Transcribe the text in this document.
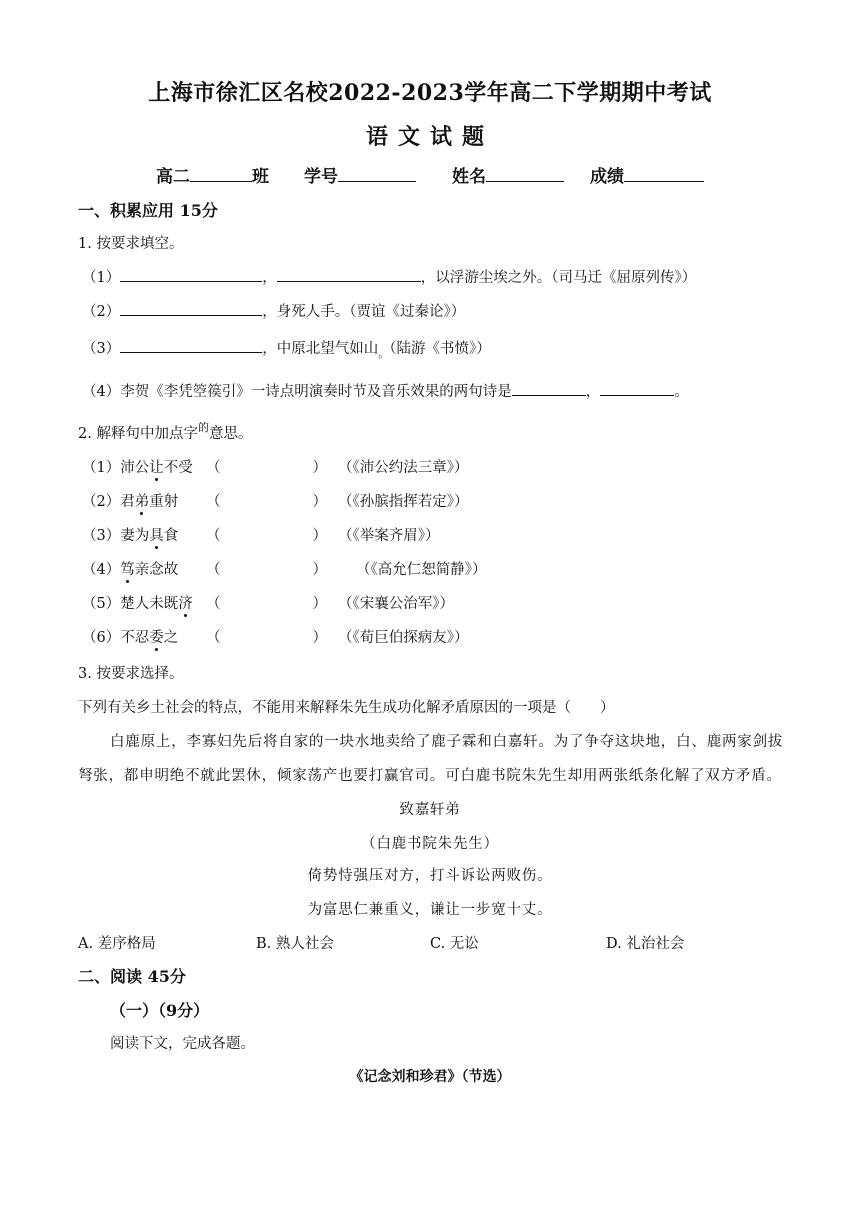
上海市徐汇区名校2022-2023学年高二下学期期中考试
语文试题
高二	班 学号	姓名	成绩
一、积累应用 15分
1. 按要求填空。
（1）	，	，以浮游尘埃之外。（司马迁《屈原列传》）
（2）	，身死人手。（贾谊《过秦论》）
（3）	，中原北望气如山$_。$（陆游《书愤》）
（4）李贺《李凭箜篌引》一诗点明演奏时节及音乐效果的两句诗是	，	。
2. 解释句中加点字$^的$意思。
（1）沛公让不受 （	） （《沛公约法三章》）
（2）君弟重射 （	） （《孙膑指挥若定》）
（3）妻为具食 （	） （《举案齐眉》）
（4）笃亲念故 （	） （《高允仁恕简静》）
（5）楚人未既济 （	） （《宋襄公治军》）
（6）不忍委之 （	） （《荀巨伯探病友》）
3. 按要求选择。
下列有关乡土社会的特点，不能用来解释朱先生成功化解矛盾原因的一项是（　　）
白鹿原上，李寡妇先后将自家的一块水地卖给了鹿子霖和白嘉轩。为了争夺这块地，白、鹿两家剑拔
弩张，都申明绝不就此罢休，倾家荡产也要打赢官司。可白鹿书院朱先生却用两张纸条化解了双方矛盾。
致嘉轩弟
（白鹿书院朱先生）
倚势恃强压对方，打斗诉讼两败伤。
为富思仁兼重义，谦让一步宽十丈。
A. 差序格局	B. 熟人社会	C. 无讼	D. 礼治社会
二、阅读 45分
（一）（9分）
阅读下文，完成各题。
《记念刘和珍君》（节选）
